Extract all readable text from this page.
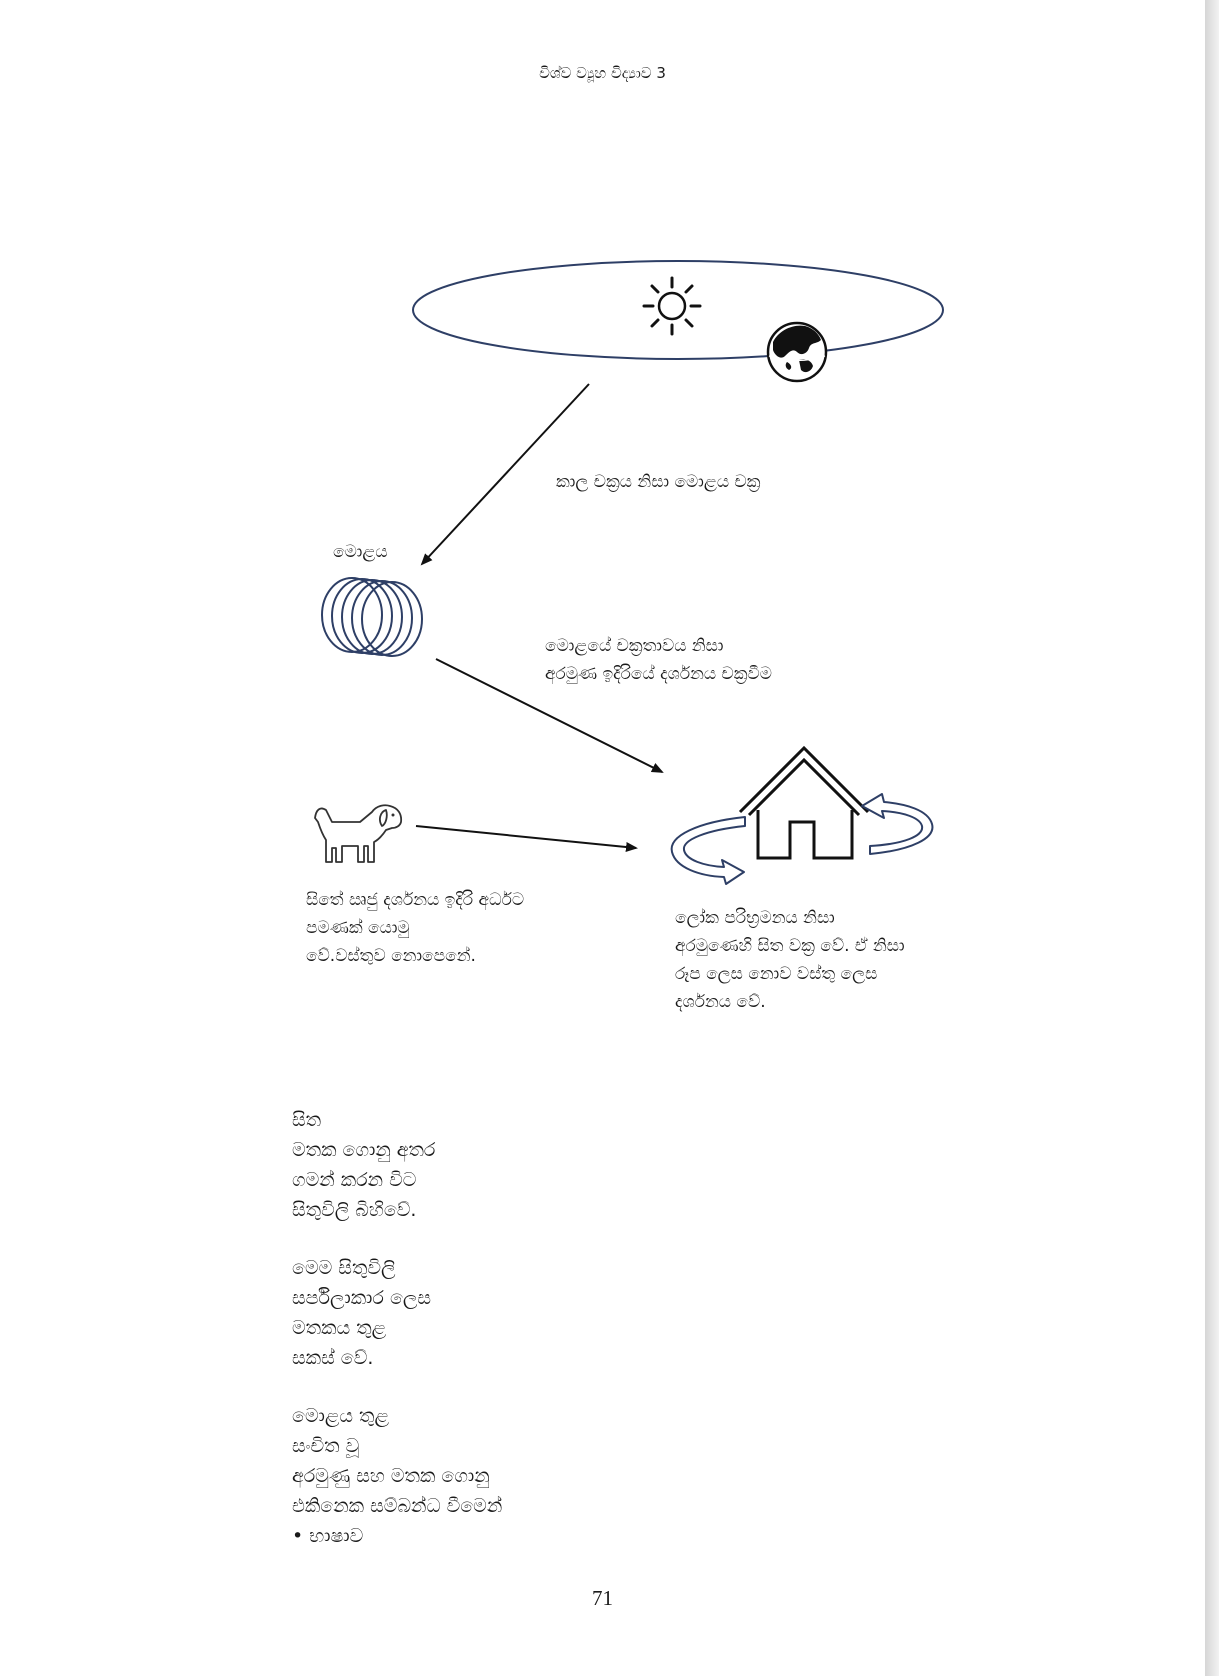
විශ්ව ව්‍යූහ විද්‍යාව 3
කාල චක්‍රය නිසා මොළය චක්‍ර
මොළය
මොළයේ චක්‍රතාවය නිසා
අරමුණ ඉදිරියේ දර්ශනය චක්‍රවීම
සිතේ ඍජු දර්ශනය ඉදිරි අර්ධට
පමණක් යොමු
වේ.වස්තුව නොපෙනේ.
ලෝක පරිභ්‍රමනය නිසා
අරමුණෙහි සිත වක්‍ර වේ. ඒ නිසා
රූප ලෙස නොව වස්තු ලෙස
දර්ශනය වේ.
සිත
මතක ගොනු අතර
ගමන් කරන විට
සිතුවිලි බිහිවේ.
මෙම සිතුවිලි
සර්පිලාකාර ලෙස
මතකය තුළ
සකස් වේ.
මොළය තුළ
සංචිත වූ
අරමුණු සහ මතක ගොනු
එකිනෙක සම්බන්ධ වීමෙන්
• භාෂාව
71
